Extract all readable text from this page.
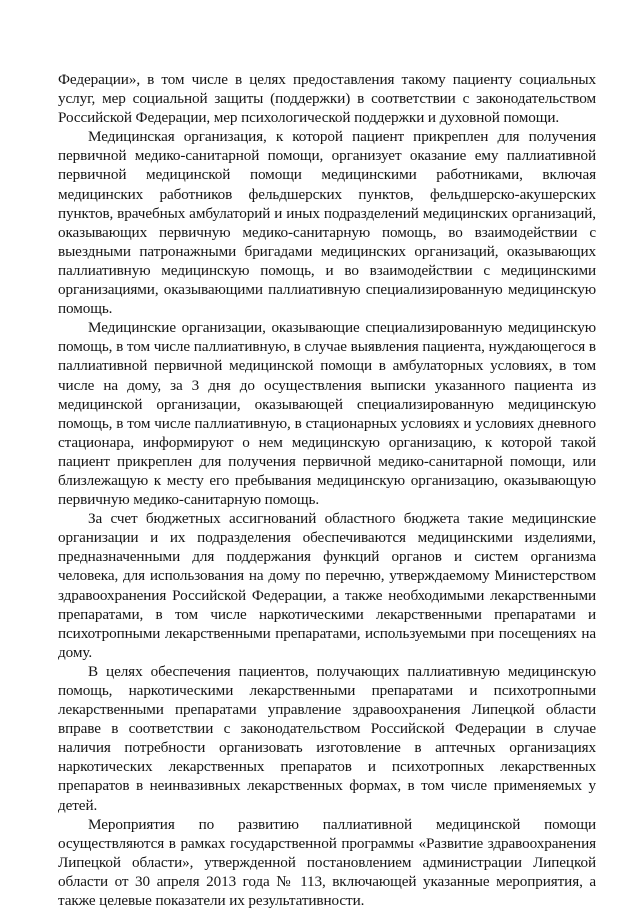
Федерации», в том числе в целях предоставления такому пациенту социальных услуг, мер социальной защиты (поддержки) в соответствии с законодательством Российской Федерации, мер психологической поддержки и духовной помощи.

Медицинская организация, к которой пациент прикреплен для получения первичной медико-санитарной помощи, организует оказание ему паллиативной первичной медицинской помощи медицинскими работниками, включая медицинских работников фельдшерских пунктов, фельдшерско-акушерских пунктов, врачебных амбулаторий и иных подразделений медицинских организаций, оказывающих первичную медико-санитарную помощь, во взаимодействии с выездными патронажными бригадами медицинских организаций, оказывающих паллиативную медицинскую помощь, и во взаимодействии с медицинскими организациями, оказывающими паллиативную специализированную медицинскую помощь.

Медицинские организации, оказывающие специализированную медицинскую помощь, в том числе паллиативную, в случае выявления пациента, нуждающегося в паллиативной первичной медицинской помощи в амбулаторных условиях, в том числе на дому, за 3 дня до осуществления выписки указанного пациента из медицинской организации, оказывающей специализированную медицинскую помощь, в том числе паллиативную, в стационарных условиях и условиях дневного стационара, информируют о нем медицинскую организацию, к которой такой пациент прикреплен для получения первичной медико-санитарной помощи, или близлежащую к месту его пребывания медицинскую организацию, оказывающую первичную медико-санитарную помощь.

За счет бюджетных ассигнований областного бюджета такие медицинские организации и их подразделения обеспечиваются медицинскими изделиями, предназначенными для поддержания функций органов и систем организма человека, для использования на дому по перечню, утверждаемому Министерством здравоохранения Российской Федерации, а также необходимыми лекарственными препаратами, в том числе наркотическими лекарственными препаратами и психотропными лекарственными препаратами, используемыми при посещениях на дому.

В целях обеспечения пациентов, получающих паллиативную медицинскую помощь, наркотическими лекарственными препаратами и психотропными лекарственными препаратами управление здравоохранения Липецкой области вправе в соответствии с законодательством Российской Федерации в случае наличия потребности организовать изготовление в аптечных организациях наркотических лекарственных препаратов и психотропных лекарственных препаратов в неинвазивных лекарственных формах, в том числе применяемых у детей.

Мероприятия по развитию паллиативной медицинской помощи осуществляются в рамках государственной программы «Развитие здравоохранения Липецкой области», утвержденной постановлением администрации Липецкой области от 30 апреля 2013 года № 113, включающей указанные мероприятия, а также целевые показатели их результативности.
